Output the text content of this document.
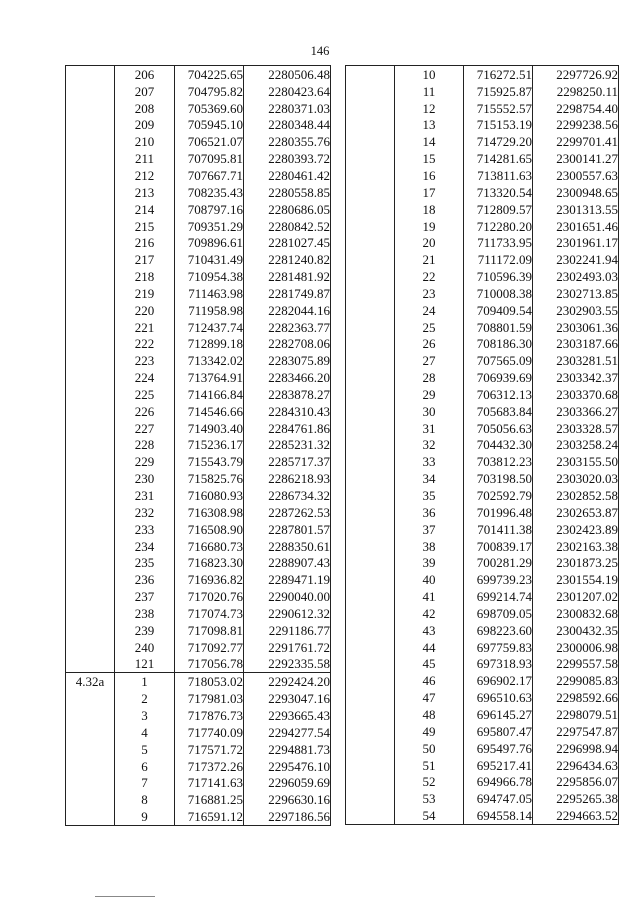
146
	206	704225.65	2280506.48
	207	704795.82	2280423.64
	208	705369.60	2280371.03
	209	705945.10	2280348.44
	210	706521.07	2280355.76
	211	707095.81	2280393.72
	212	707667.71	2280461.42
	213	708235.43	2280558.85
	214	708797.16	2280686.05
	215	709351.29	2280842.52
	216	709896.61	2281027.45
	217	710431.49	2281240.82
	218	710954.38	2281481.92
	219	711463.98	2281749.87
	220	711958.98	2282044.16
	221	712437.74	2282363.77
	222	712899.18	2282708.06
	223	713342.02	2283075.89
	224	713764.91	2283466.20
	225	714166.84	2283878.27
	226	714546.66	2284310.43
	227	714903.40	2284761.86
	228	715236.17	2285231.32
	229	715543.79	2285717.37
	230	715825.76	2286218.93
	231	716080.93	2286734.32
	232	716308.98	2287262.53
	233	716508.90	2287801.57
	234	716680.73	2288350.61
	235	716823.30	2288907.43
	236	716936.82	2289471.19
	237	717020.76	2290040.00
	238	717074.73	2290612.32
	239	717098.81	2291186.77
	240	717092.77	2291761.72
	121	717056.78	2292335.58
4.32a	1	718053.02	2292424.20
	2	717981.03	2293047.16
	3	717876.73	2293665.43
	4	717740.09	2294277.54
	5	717571.72	2294881.73
	6	717372.26	2295476.10
	7	717141.63	2296059.69
	8	716881.25	2296630.16
	9	716591.12	2297186.56
	10	716272.51	2297726.92
	11	715925.87	2298250.11
	12	715552.57	2298754.40
	13	715153.19	2299238.56
	14	714729.20	2299701.41
	15	714281.65	2300141.27
	16	713811.63	2300557.63
	17	713320.54	2300948.65
	18	712809.57	2301313.55
	19	712280.20	2301651.46
	20	711733.95	2301961.17
	21	711172.09	2302241.94
	22	710596.39	2302493.03
	23	710008.38	2302713.85
	24	709409.54	2302903.55
	25	708801.59	2303061.36
	26	708186.30	2303187.66
	27	707565.09	2303281.51
	28	706939.69	2303342.37
	29	706312.13	2303370.68
	30	705683.84	2303366.27
	31	705056.63	2303328.57
	32	704432.30	2303258.24
	33	703812.23	2303155.50
	34	703198.50	2303020.03
	35	702592.79	2302852.58
	36	701996.48	2302653.87
	37	701411.38	2302423.89
	38	700839.17	2302163.38
	39	700281.29	2301873.25
	40	699739.23	2301554.19
	41	699214.74	2301207.02
	42	698709.05	2300832.68
	43	698223.60	2300432.35
	44	697759.83	2300006.98
	45	697318.93	2299557.58
	46	696902.17	2299085.83
	47	696510.63	2298592.66
	48	696145.27	2298079.51
	49	695807.47	2297547.87
	50	695497.76	2296998.94
	51	695217.41	2296434.63
	52	694966.78	2295856.07
	53	694747.05	2295265.38
	54	694558.14	2294663.52
